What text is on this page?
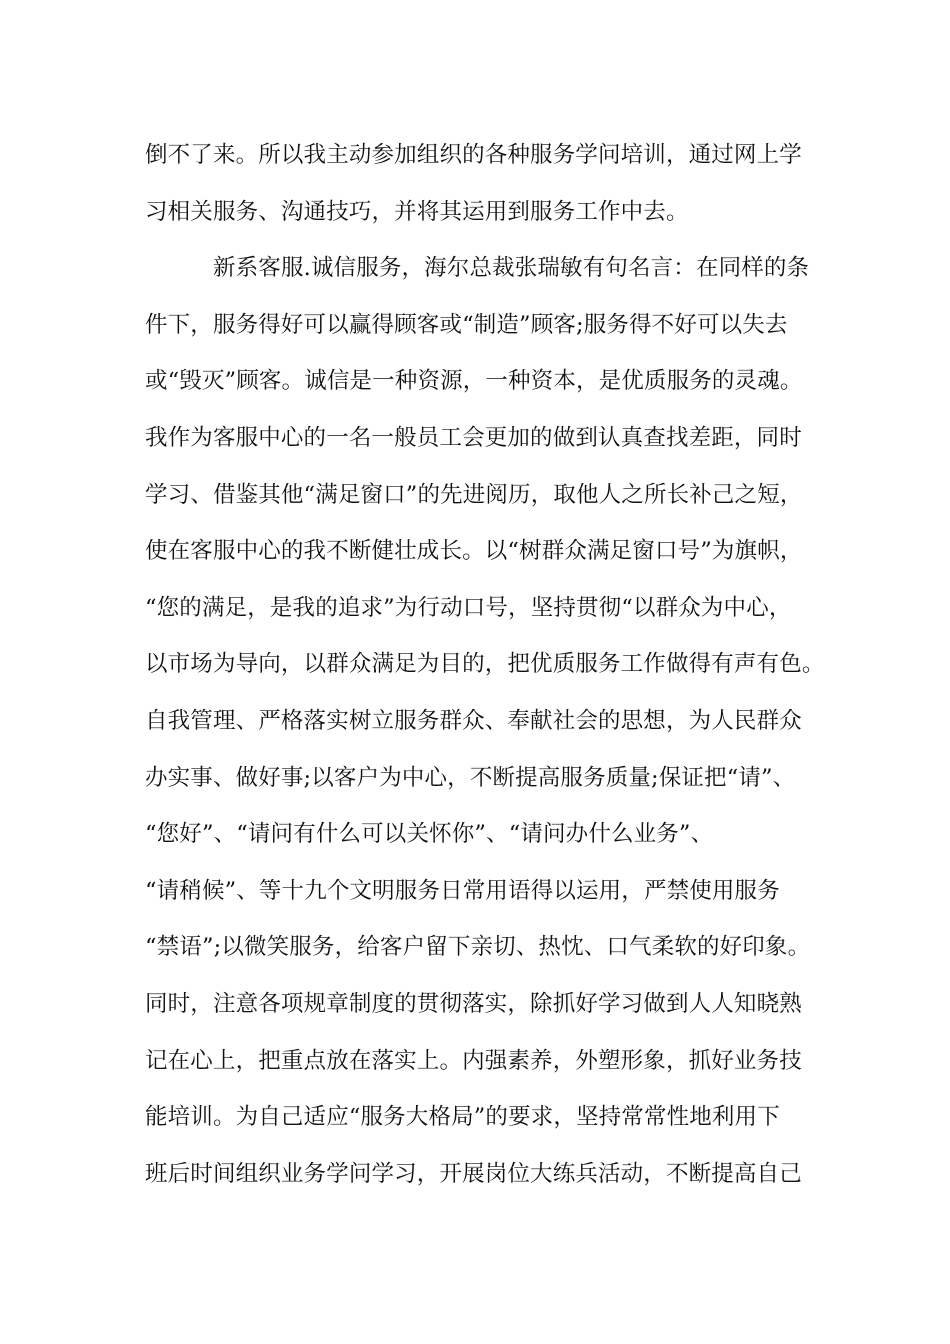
倒不了来。所以我主动参加组织的各种服务学问培训，通过网上学
习相关服务、沟通技巧，并将其运用到服务工作中去。
新系客服.诚信服务，海尔总裁张瑞敏有句名言：在同样的条
件下，服务得好可以赢得顾客或“制造”顾客;服务得不好可以失去
或“毁灭”顾客。诚信是一种资源，一种资本，是优质服务的灵魂。
我作为客服中心的一名一般员工会更加的做到认真查找差距，同时
学习、借鉴其他“满足窗口”的先进阅历，取他人之所长补己之短，
使在客服中心的我不断健壮成长。以“树群众满足窗口号”为旗帜，
“您的满足，是我的追求”为行动口号，坚持贯彻“以群众为中心，
以市场为导向，以群众满足为目的，把优质服务工作做得有声有色。
自我管理、严格落实树立服务群众、奉献社会的思想，为人民群众
办实事、做好事;以客户为中心，不断提高服务质量;保证把“请”、
“您好”、“请问有什么可以关怀你”、“请问办什么业务”、
“请稍候”、等十九个文明服务日常用语得以运用，严禁使用服务
“禁语”;以微笑服务，给客户留下亲切、热忱、口气柔软的好印象。
同时，注意各项规章制度的贯彻落实，除抓好学习做到人人知晓熟
记在心上，把重点放在落实上。内强素养，外塑形象，抓好业务技
能培训。为自己适应“服务大格局”的要求，坚持常常性地利用下
班后时间组织业务学问学习，开展岗位大练兵活动，不断提高自己
